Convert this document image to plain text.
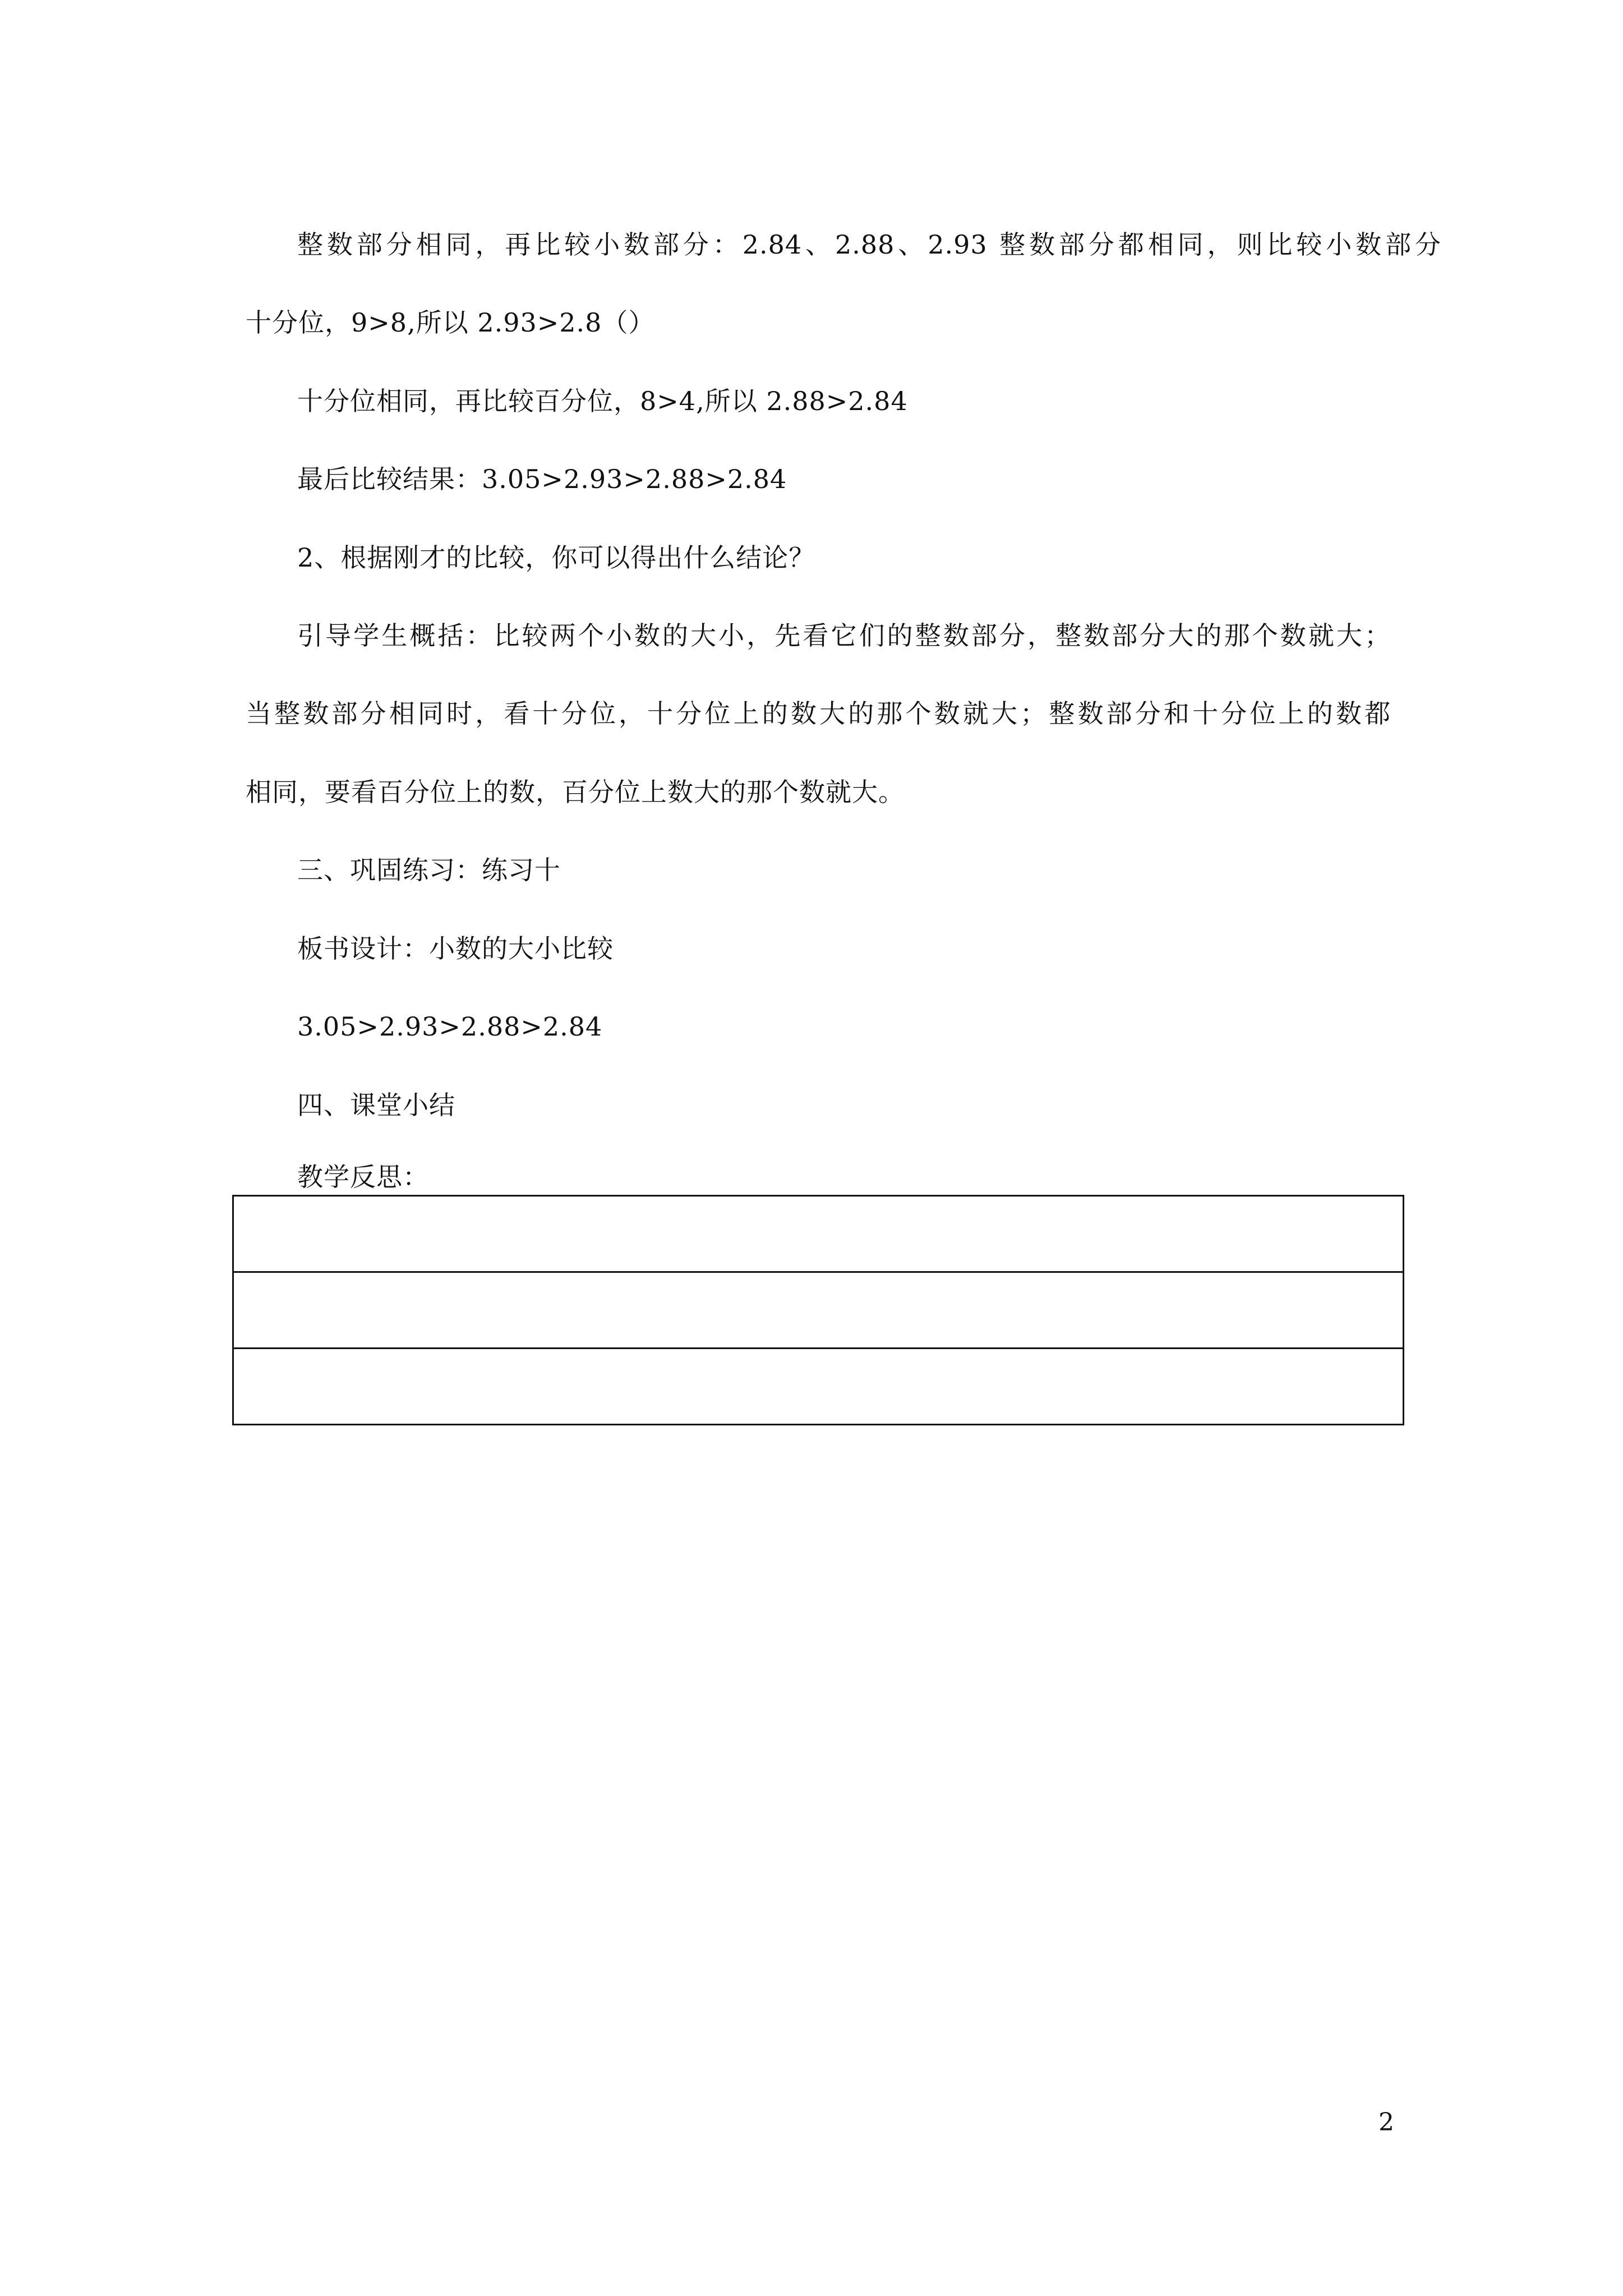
整数部分相同，再比较小数部分：2.84、2.88、2.93 整数部分都相同，则比较小数部分
十分位，9>8,所以 2.93>2.8（）
十分位相同，再比较百分位，8>4,所以 2.88>2.84
最后比较结果：3.05>2.93>2.88>2.84
2、根据刚才的比较，你可以得出什么结论？
引导学生概括：比较两个小数的大小，先看它们的整数部分，整数部分大的那个数就大；
当整数部分相同时，看十分位，十分位上的数大的那个数就大；整数部分和十分位上的数都
相同，要看百分位上的数，百分位上数大的那个数就大。
三、巩固练习：练习十
板书设计：小数的大小比较
3.05>2.93>2.88>2.84
四、课堂小结
教学反思：

2
